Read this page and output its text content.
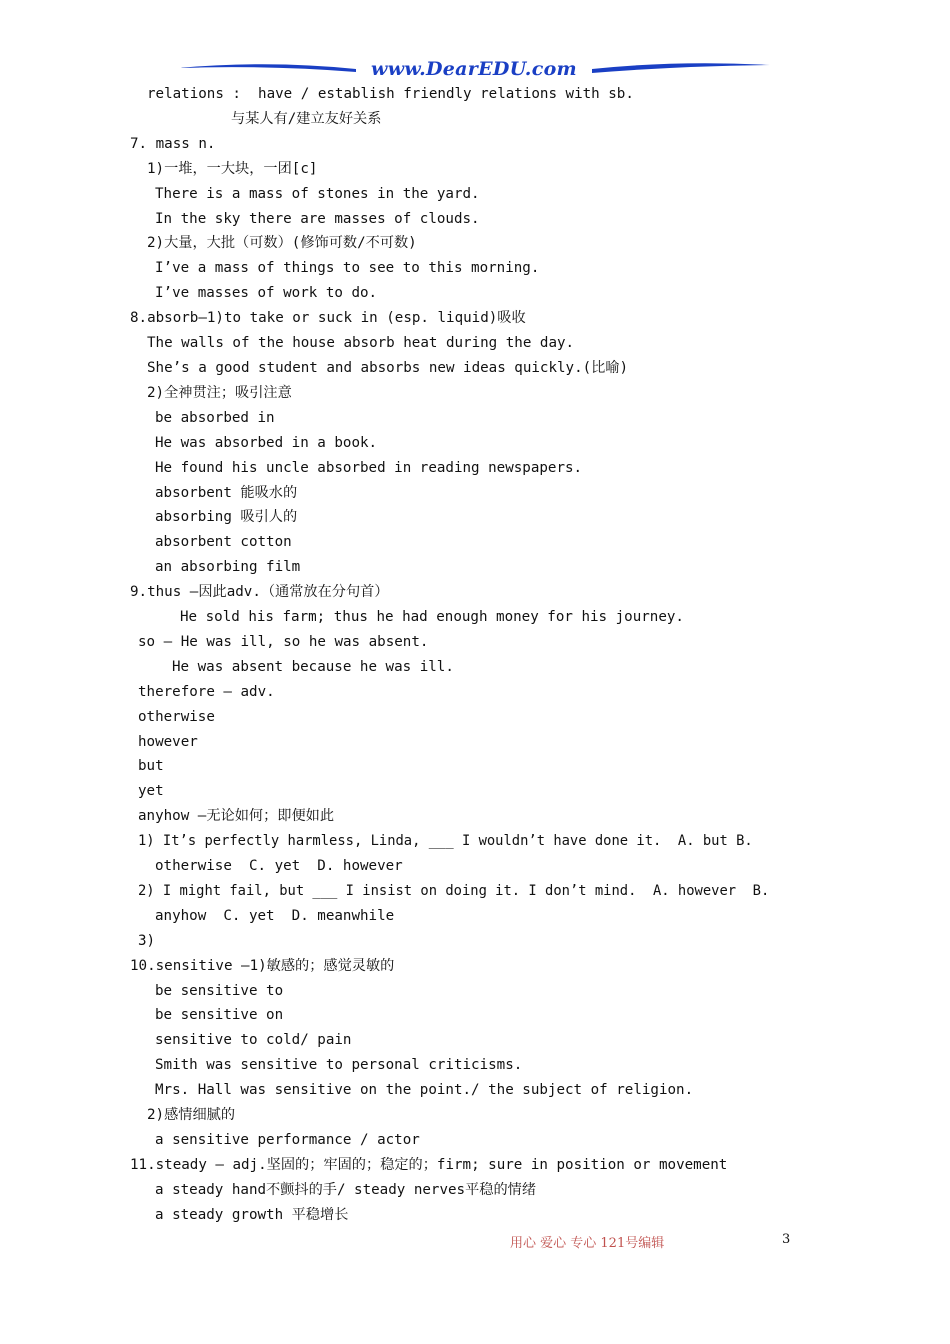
www.DearEDU.com
relations :  have / establish friendly relations with sb.
与某人有/建立友好关系
7. mass n.
1)一堆，一大块，一团[c]
There is a mass of stones in the yard.
In the sky there are masses of clouds.
2)大量，大批（可数）(修饰可数/不可数)
I’ve a mass of things to see to this morning.
I’ve masses of work to do.
8.absorb—1)to take or suck in (esp. liquid)吸收
The walls of the house absorb heat during the day.
She’s a good student and absorbs new ideas quickly.(比喻)
2)全神贯注；吸引注意
be absorbed in
He was absorbed in a book.
He found his uncle absorbed in reading newspapers.
absorbent 能吸水的
absorbing 吸引人的
absorbent cotton
an absorbing film
9.thus –因此adv.（通常放在分句首）
He sold his farm; thus he had enough money for his journey.
so – He was ill, so he was absent.
He was absent because he was ill.
therefore – adv.
otherwise
however
but
yet
anyhow –无论如何；即便如此
1) It’s perfectly harmless, Linda, ___ I wouldn’t have done it.  A. but B.
otherwise  C. yet  D. however
2) I might fail, but ___ I insist on doing it. I don’t mind.  A. however  B.
anyhow  C. yet  D. meanwhile
3)
10.sensitive –1)敏感的；感觉灵敏的
be sensitive to
be sensitive on
sensitive to cold/ pain
Smith was sensitive to personal criticisms.
Mrs. Hall was sensitive on the point./ the subject of religion.
2)感情细腻的
a sensitive performance / actor
11.steady – adj.坚固的；牢固的；稳定的；firm; sure in position or movement
a steady hand不颤抖的手/ steady nerves平稳的情绪
a steady growth 平稳增长
用心 爱心 专心 121号编辑	3
